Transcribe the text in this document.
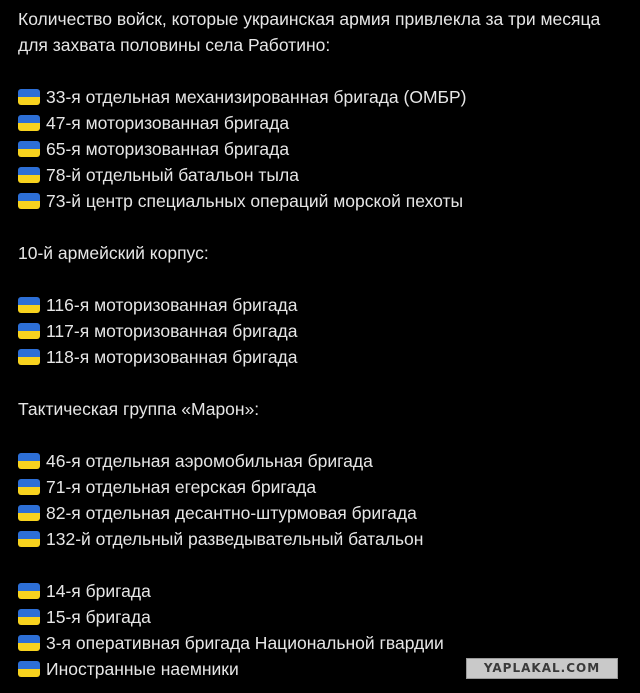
Количество войск, которые украинская армия привлекла за три месяца
для захвата половины села Работино:

33-я отдельная механизированная бригада (ОМБР)
47-я моторизованная бригада
65-я моторизованная бригада
78-й отдельный батальон тыла
73-й центр специальных операций морской пехоты

10-й армейский корпус:

116-я моторизованная бригада
117-я моторизованная бригада
118-я моторизованная бригада

Тактическая группа «Марон»:

46-я отдельная аэромобильная бригада
71-я отдельная егерская бригада
82-я отдельная десантно-штурмовая бригада
132-й отдельный разведывательный батальон
14-я бригада
15-я бригада
3-я оперативная бригада Национальной гвардии
Иностранные наемники	YAPLAKAL.COM
